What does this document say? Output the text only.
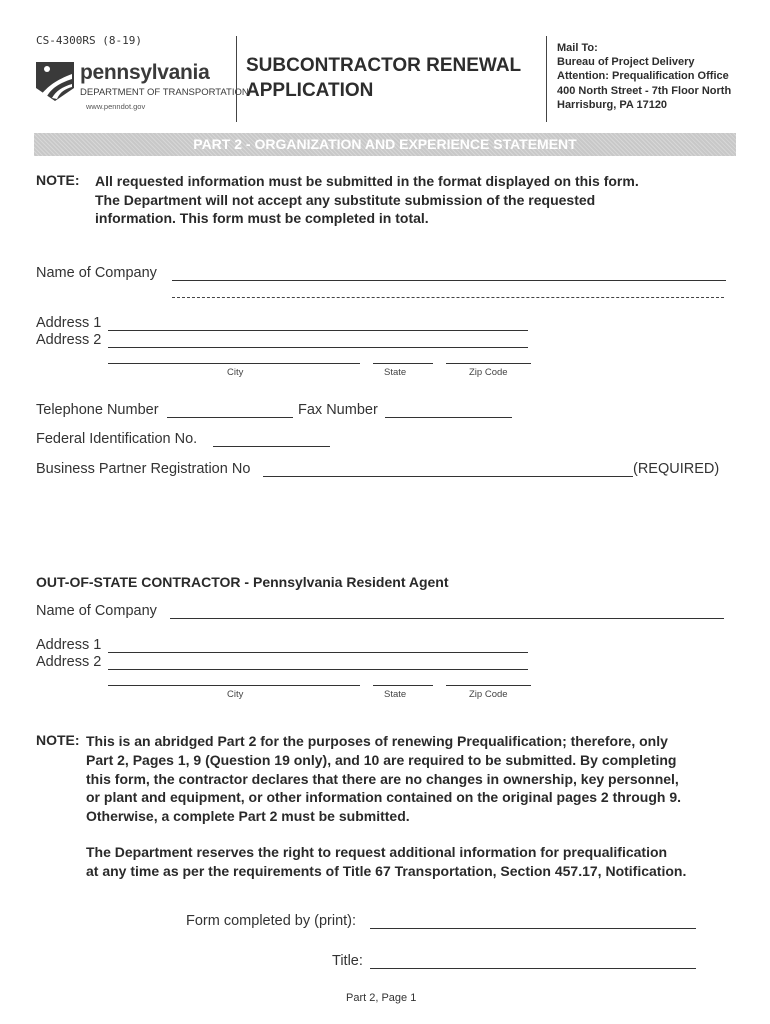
CS-4300RS (8-19)
pennsylvania
DEPARTMENT OF TRANSPORTATION
www.penndot.gov
SUBCONTRACTOR RENEWAL
APPLICATION
Mail To:
Bureau of Project Delivery
Attention: Prequalification Office
400 North Street - 7th Floor North
Harrisburg, PA 17120
PART 2 - ORGANIZATION AND EXPERIENCE STATEMENT
NOTE: All requested information must be submitted in the format displayed on this form.
The Department will not accept any substitute submission of the requested
information. This form must be completed in total.
Name of Company
Address 1
Address 2
City	State	Zip Code
Telephone Number	Fax Number
Federal Identification No.
Business Partner Registration No	(REQUIRED)
OUT-OF-STATE CONTRACTOR - Pennsylvania Resident Agent
Name of Company
Address 1
Address 2
City	State	Zip Code
NOTE: This is an abridged Part 2 for the purposes of renewing Prequalification; therefore, only
Part 2, Pages 1, 9 (Question 19 only), and 10 are required to be submitted. By completing
this form, the contractor declares that there are no changes in ownership, key personnel,
or plant and equipment, or other information contained on the original pages 2 through 9.
Otherwise, a complete Part 2 must be submitted.
The Department reserves the right to request additional information for prequalification
at any time as per the requirements of Title 67 Transportation, Section 457.17, Notification.
Form completed by (print):
Title:
Part 2, Page 1
